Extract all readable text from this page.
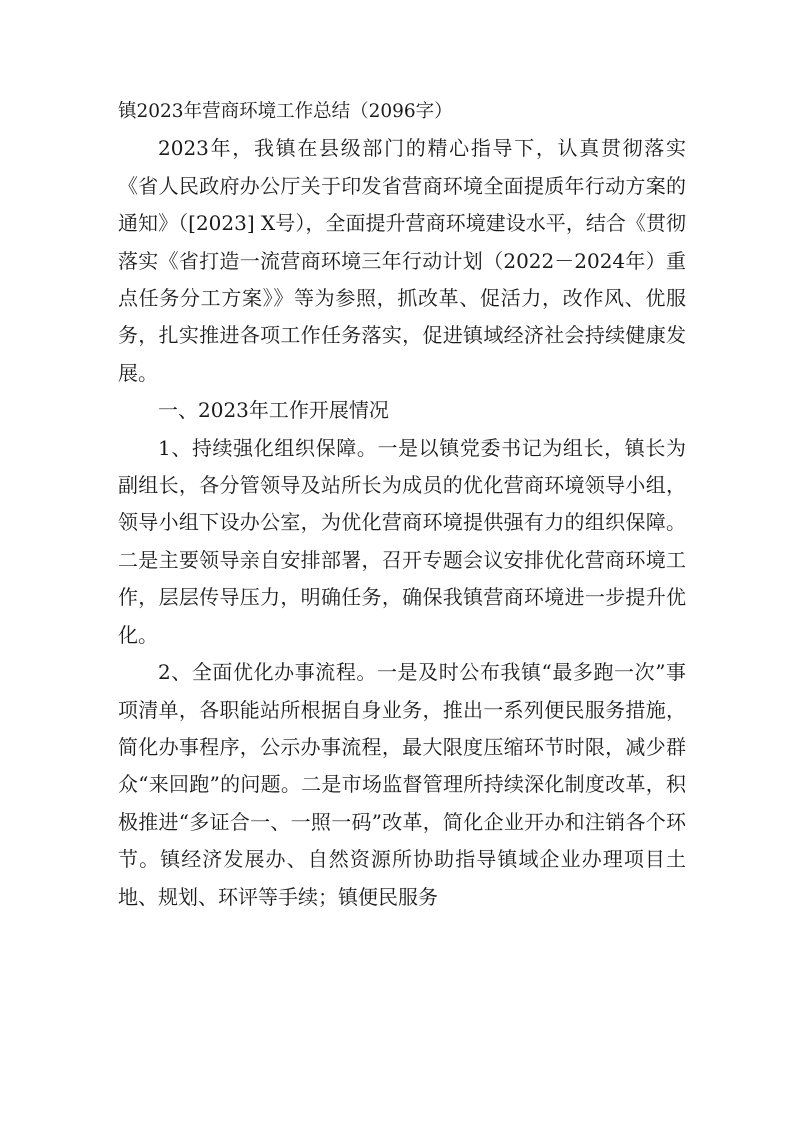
镇2023年营商环境工作总结（2096字）

2023年，我镇在县级部门的精心指导下，认真贯彻落实《省人民政府办公厅关于印发省营商环境全面提质年行动方案的通知》（[2023] X号），全面提升营商环境建设水平，结合《贯彻落实《省打造一流营商环境三年行动计划（2022－2024年）重点任务分工方案》》等为参照，抓改革、促活力，改作风、优服务，扎实推进各项工作任务落实，促进镇域经济社会持续健康发展。

一、2023年工作开展情况

1、持续强化组织保障。一是以镇党委书记为组长，镇长为副组长，各分管领导及站所长为成员的优化营商环境领导小组，领导小组下设办公室，为优化营商环境提供强有力的组织保障。二是主要领导亲自安排部署，召开专题会议安排优化营商环境工作，层层传导压力，明确任务，确保我镇营商环境进一步提升优化。

2、全面优化办事流程。一是及时公布我镇“最多跑一次”事项清单，各职能站所根据自身业务，推出一系列便民服务措施，简化办事程序，公示办事流程，最大限度压缩环节时限，减少群众“来回跑”的问题。二是市场监督管理所持续深化制度改革，积极推进“多证合一、一照一码”改革，简化企业开办和注销各个环节。镇经济发展办、自然资源所协助指导镇域企业办理项目土地、规划、环评等手续；镇便民服务
